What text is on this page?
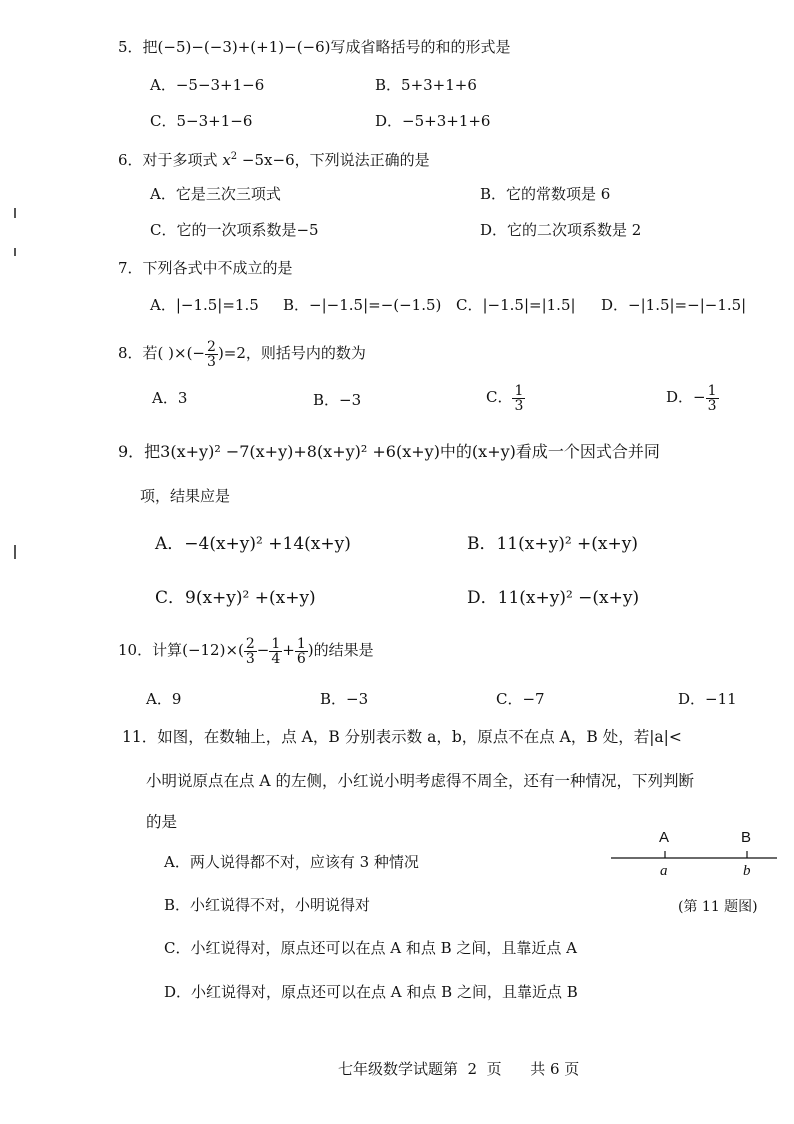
5．把(−5)−(−3)+(+1)−(−6)写成省略括号的和的形式是
A．−5−3+1−6	B．5+3+1+6
C．5−3+1−6	D．−5+3+1+6
6．对于多项式 $x^2 -5x-6$，下列说法正确的是
A．它是三次三项式	B．它的常数项是 6
C．它的一次项系数是−5	D．它的二次项系数是 2
7．下列各式中不成立的是
A．|−1.5|=1.5 B．−|−1.5|=−(−1.5) C．|−1.5|=|1.5| D．−|1.5|=−|−1.5|
8．若( )×(− $\frac{2}{3} )=2$，则括号内的数为
A．3	B．−3	C． $\frac{1}{3}$	D．− $\frac{1}{3}$
9．把3(x+y)² −7(x+y)+8(x+y)² +6(x+y)中的(x+y)看成一个因式合并同
项，结果应是
A．−4(x+y)² +14(x+y)	B．11(x+y)² +(x+y)
C．9(x+y)² +(x+y)	D．11(x+y)² −(x+y)
10．计算$(-12)\times( \frac{2}{3} - \frac{1}{4} + \frac{1}{6}$ )的结果是
A．9	B．−3	C．−7	D．−11
11．如图，在数轴上，点 A，B 分别表示数 a，b，原点不在点 A，B 处，若|a|<
小明说原点在点 A 的左侧，小红说小明考虑得不周全，还有一种情况，下列判断
的是
A．两人说得都不对，应该有 3 种情况
B．小红说得不对，小明说得对
C．小红说得对，原点还可以在点 A 和点 B 之间，且靠近点 A
D．小红说得对，原点还可以在点 A 和点 B 之间，且靠近点 B
A	B
a	b
(第 11 题图)
七年级数学试题第  2  页      共 6 页
